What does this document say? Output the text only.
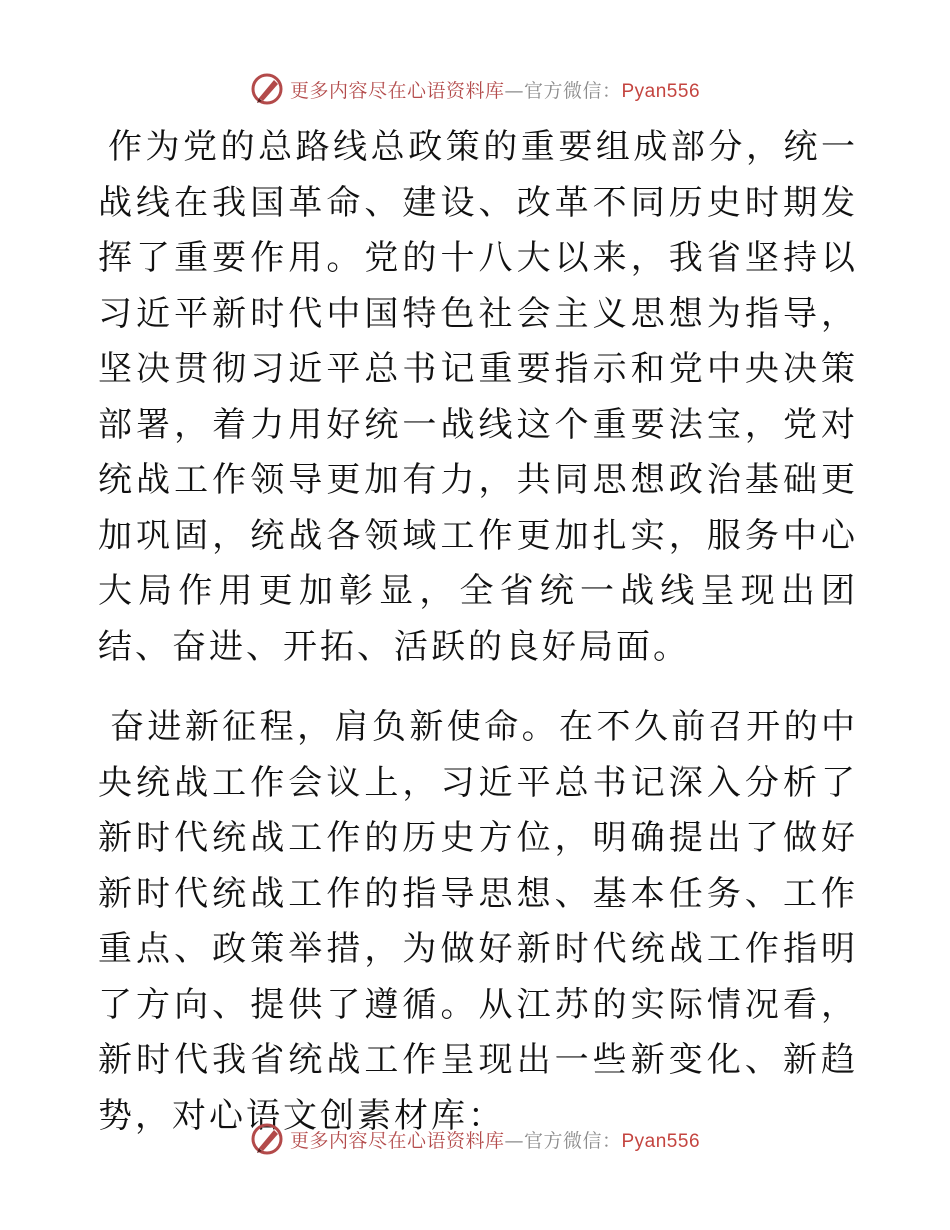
更多内容尽在心语资料库—官方微信：Pyan556

作为党的总路线总政策的重要组成部分，统一战线在我国革命、建设、改革不同历史时期发挥了重要作用。党的十八大以来，我省坚持以习近平新时代中国特色社会主义思想为指导，坚决贯彻习近平总书记重要指示和党中央决策部署，着力用好统一战线这个重要法宝，党对统战工作领导更加有力，共同思想政治基础更加巩固，统战各领域工作更加扎实，服务中心大局作用更加彰显，全省统一战线呈现出团结、奋进、开拓、活跃的良好局面。

奋进新征程，肩负新使命。在不久前召开的中央统战工作会议上，习近平总书记深入分析了新时代统战工作的历史方位，明确提出了做好新时代统战工作的指导思想、基本任务、工作重点、政策举措，为做好新时代统战工作指明了方向、提供了遵循。从江苏的实际情况看，新时代我省统战工作呈现出一些新变化、新趋势，对心语文创素材库：

更多内容尽在心语资料库—官方微信：Pyan556
